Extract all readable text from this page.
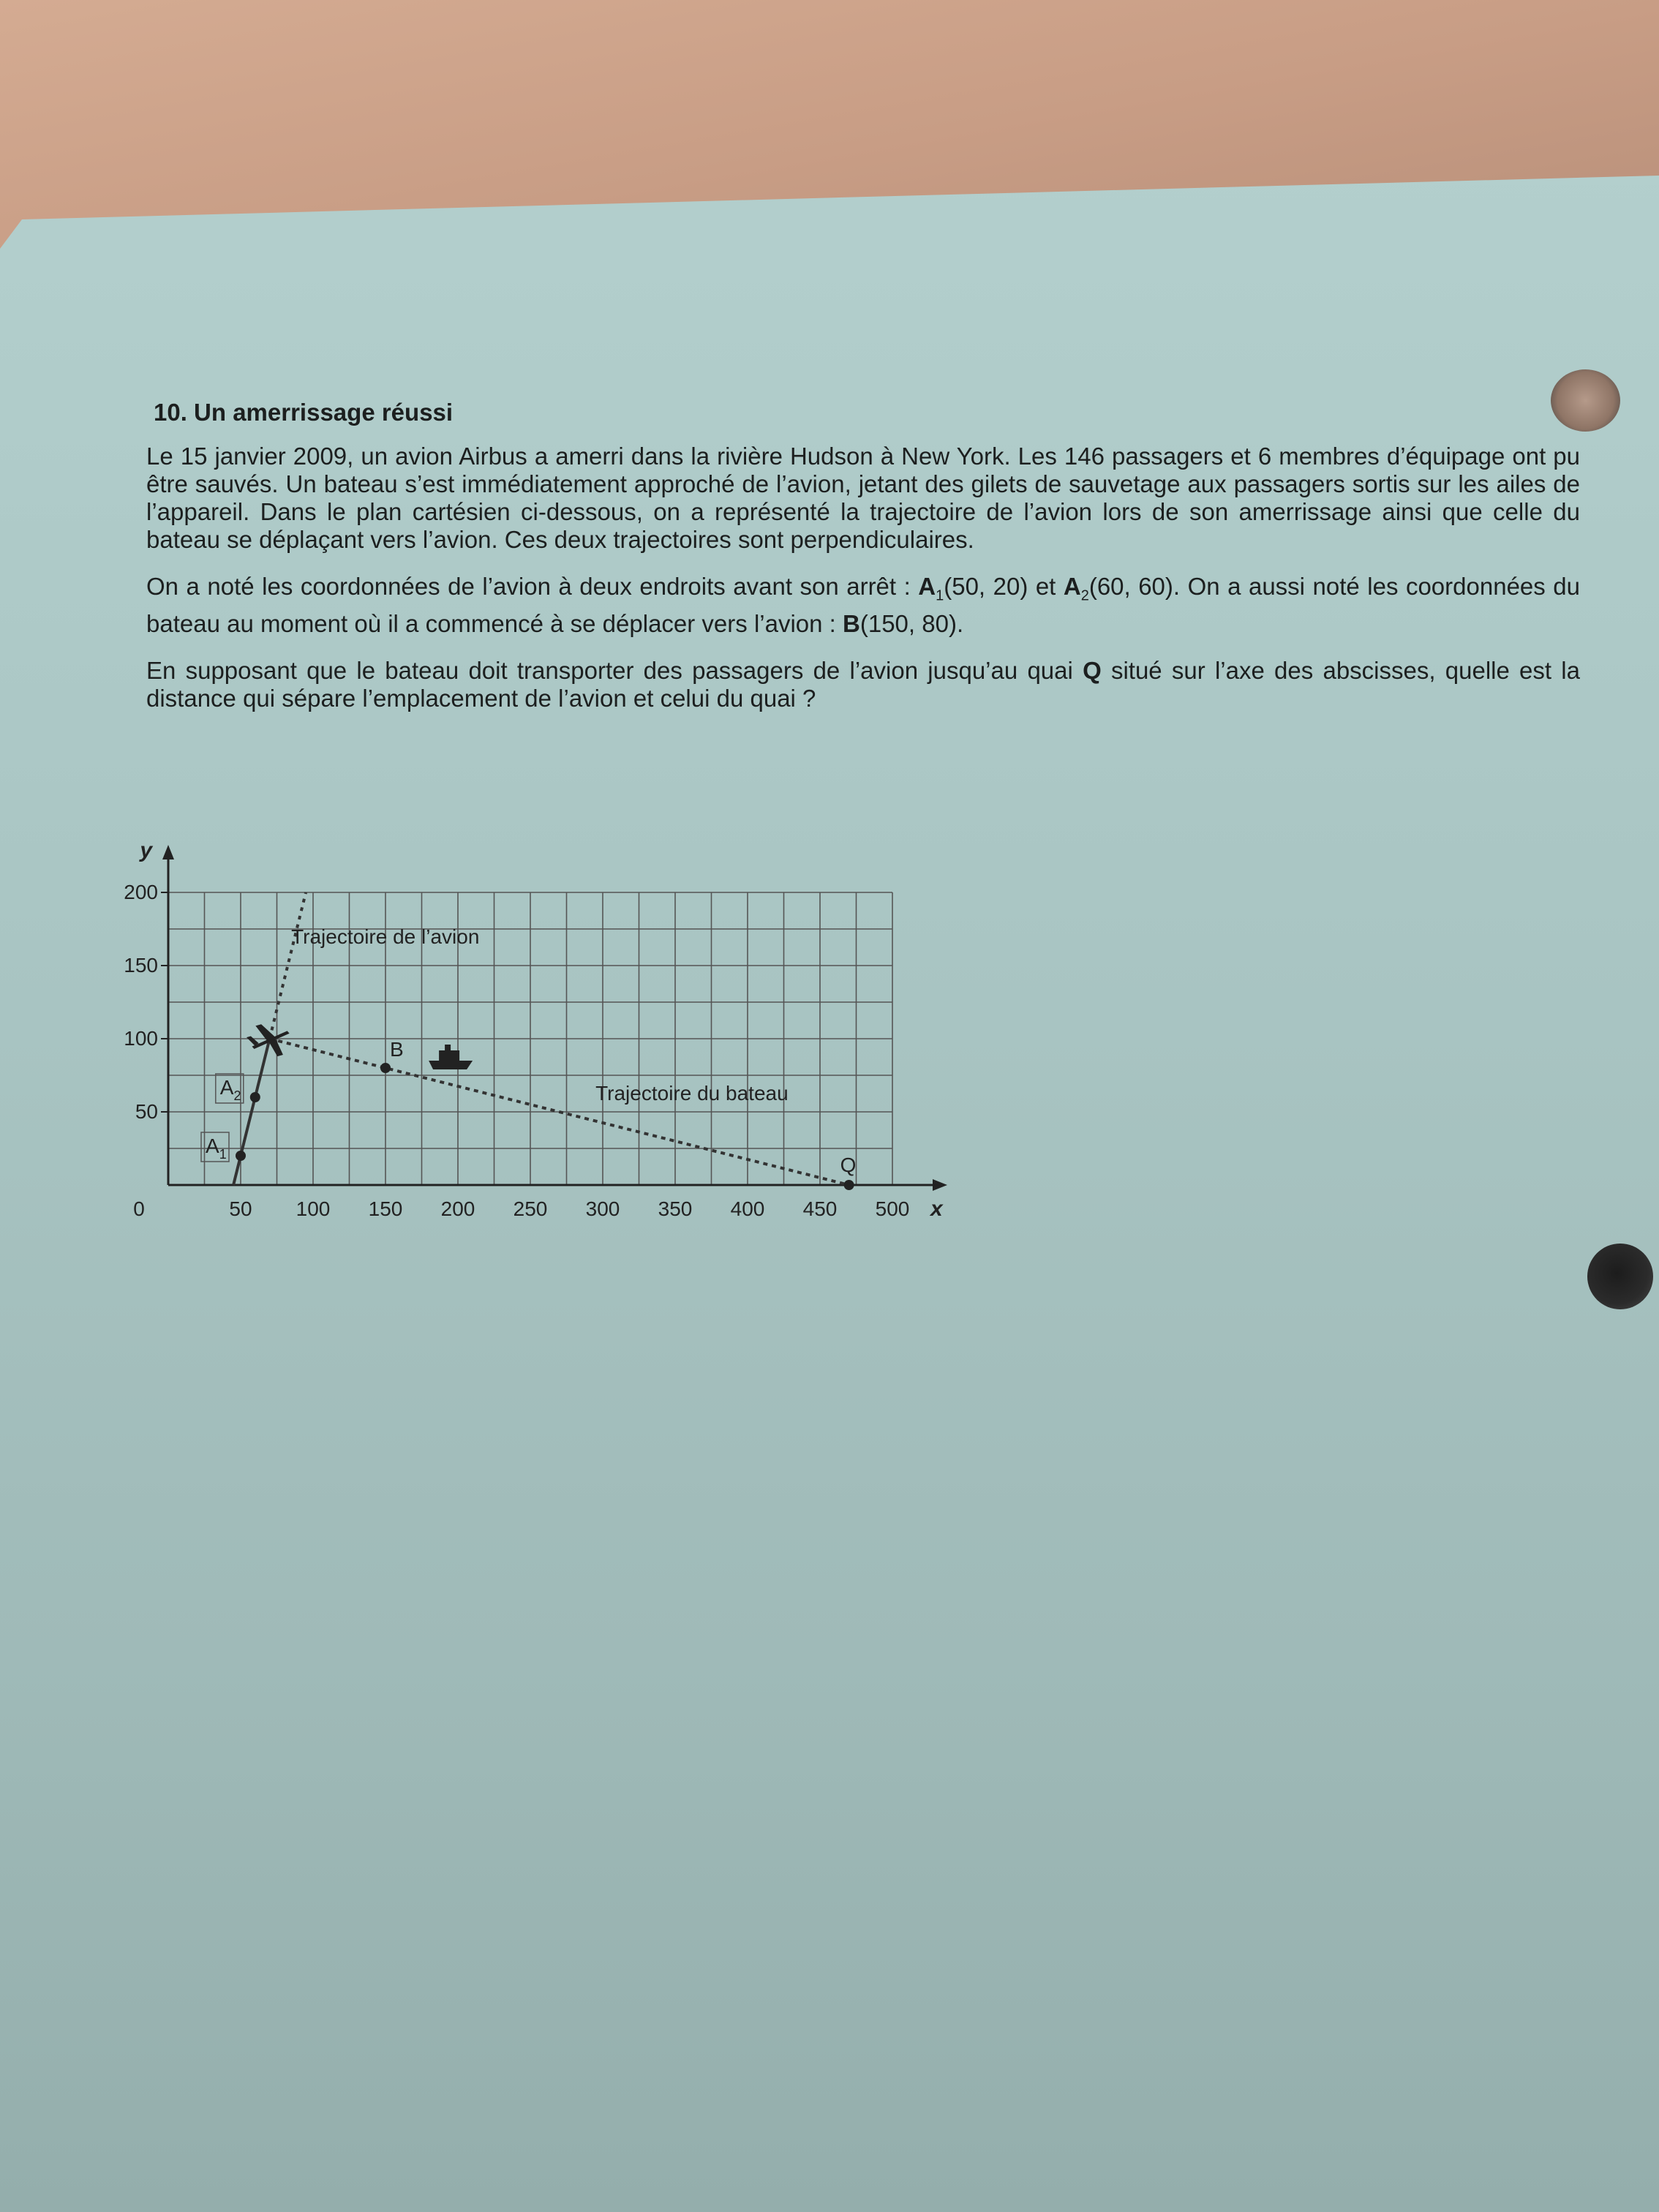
10. Un amerrissage réussi

Le 15 janvier 2009, un avion Airbus a amerri dans la rivière Hudson à New York. Les 146 passagers et 6 membres d’équipage ont pu être sauvés. Un bateau s’est immédiatement approché de l’avion, jetant des gilets de sauvetage aux passagers sortis sur les ailes de l’appareil. Dans le plan cartésien ci-dessous, on a représenté la trajectoire de l’avion lors de son amerrissage ainsi que celle du bateau se déplaçant vers l’avion. Ces deux trajectoires sont perpendiculaires.

On a noté les coordonnées de l’avion à deux endroits avant son arrêt : $A_1(50$, 20) et $A_2(60$, 60). On a aussi noté les coordonnées du bateau au moment où il a commencé à se déplacer vers l’avion : B(150, 80).

En supposant que le bateau doit transporter des passagers de l’avion jusqu’au quai Q situé sur l’axe des abscisses, quelle est la distance qui sépare l’emplacement de l’avion et celui du quai ?

0	50 100 150 200 250 300 350 400 450 500
50
100
150
200
x
y
Trajectoire de l’avion
Trajectoire du bateau
$A_1$
$A_2$
B
Q
